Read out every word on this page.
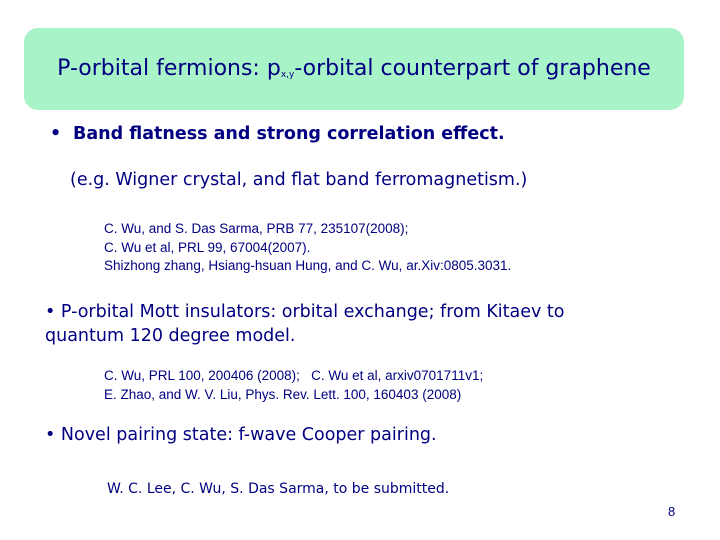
P-orbital fermions: $p_{x,y}$-orbital counterpart of graphene
• Band flatness and strong correlation effect.
(e.g. Wigner crystal, and flat band ferromagnetism.)
C. Wu, and S. Das Sarma, PRB 77, 235107(2008);
C. Wu et al, PRL 99, 67004(2007).
Shizhong zhang, Hsiang-hsuan Hung, and C. Wu, ar.Xiv:0805.3031.
• P-orbital Mott insulators: orbital exchange; from Kitaev to
quantum 120 degree model.
C. Wu, PRL 100, 200406 (2008);   C. Wu et al, arxiv0701711v1;
E. Zhao, and W. V. Liu, Phys. Rev. Lett. 100, 160403 (2008)
• Novel pairing state: f-wave Cooper pairing.
W. C. Lee, C. Wu, S. Das Sarma, to be submitted.
8
